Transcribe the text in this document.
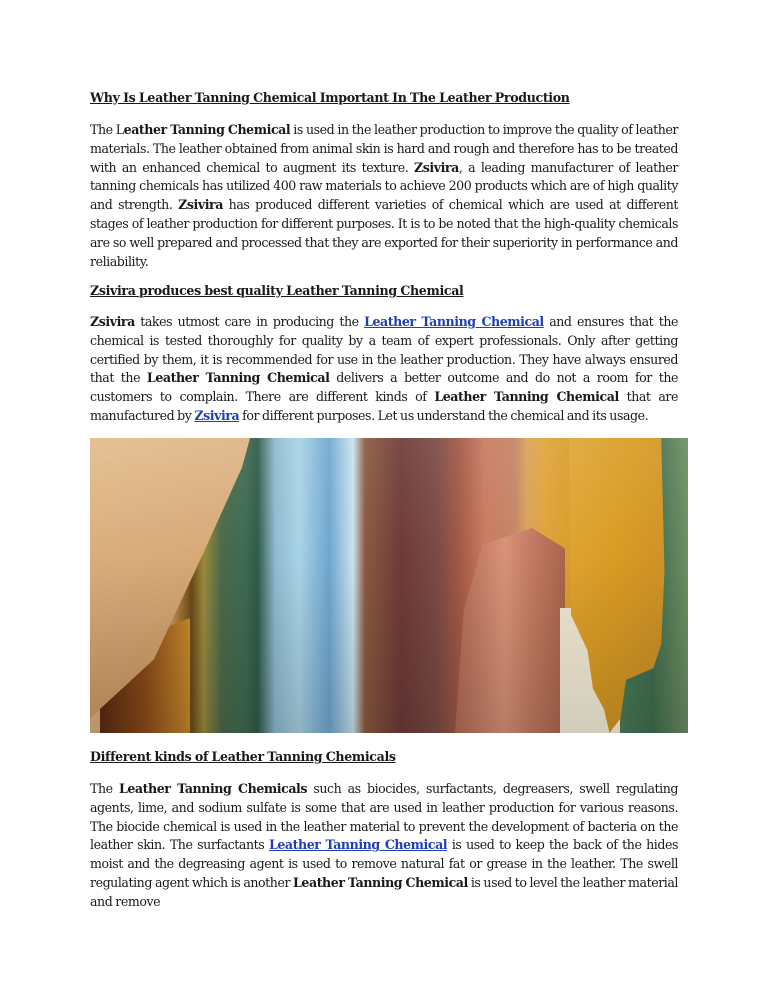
Why Is Leather Tanning Chemical Important In The Leather Production

The Leather Tanning Chemical is used in the leather production to improve the quality of leather materials. The leather obtained from animal skin is hard and rough and therefore has to be treated with an enhanced chemical to augment its texture. Zsivira, a leading manufacturer of leather tanning chemicals has utilized 400 raw materials to achieve 200 products which are of high quality and strength. Zsivira has produced different varieties of chemical which are used at different stages of leather production for different purposes. It is to be noted that the high-quality chemicals are so well prepared and processed that they are exported for their superiority in performance and reliability.

Zsivira produces best quality Leather Tanning Chemical

Zsivira takes utmost care in producing the Leather Tanning Chemical and ensures that the chemical is tested thoroughly for quality by a team of expert professionals. Only after getting certified by them, it is recommended for use in the leather production. They have always ensured that the Leather Tanning Chemical delivers a better outcome and do not a room for the customers to complain. There are different kinds of Leather Tanning Chemical that are manufactured by Zsivira for different purposes. Let us understand the chemical and its usage.

Different kinds of Leather Tanning Chemicals

The Leather Tanning Chemicals such as biocides, surfactants, degreasers, swell regulating agents, lime, and sodium sulfate is some that are used in leather production for various reasons. The biocide chemical is used in the leather material to prevent the development of bacteria on the leather skin. The surfactants Leather Tanning Chemical is used to keep the back of the hides moist and the degreasing agent is used to remove natural fat or grease in the leather. The swell regulating agent which is another Leather Tanning Chemical is used to level the leather material and remove
